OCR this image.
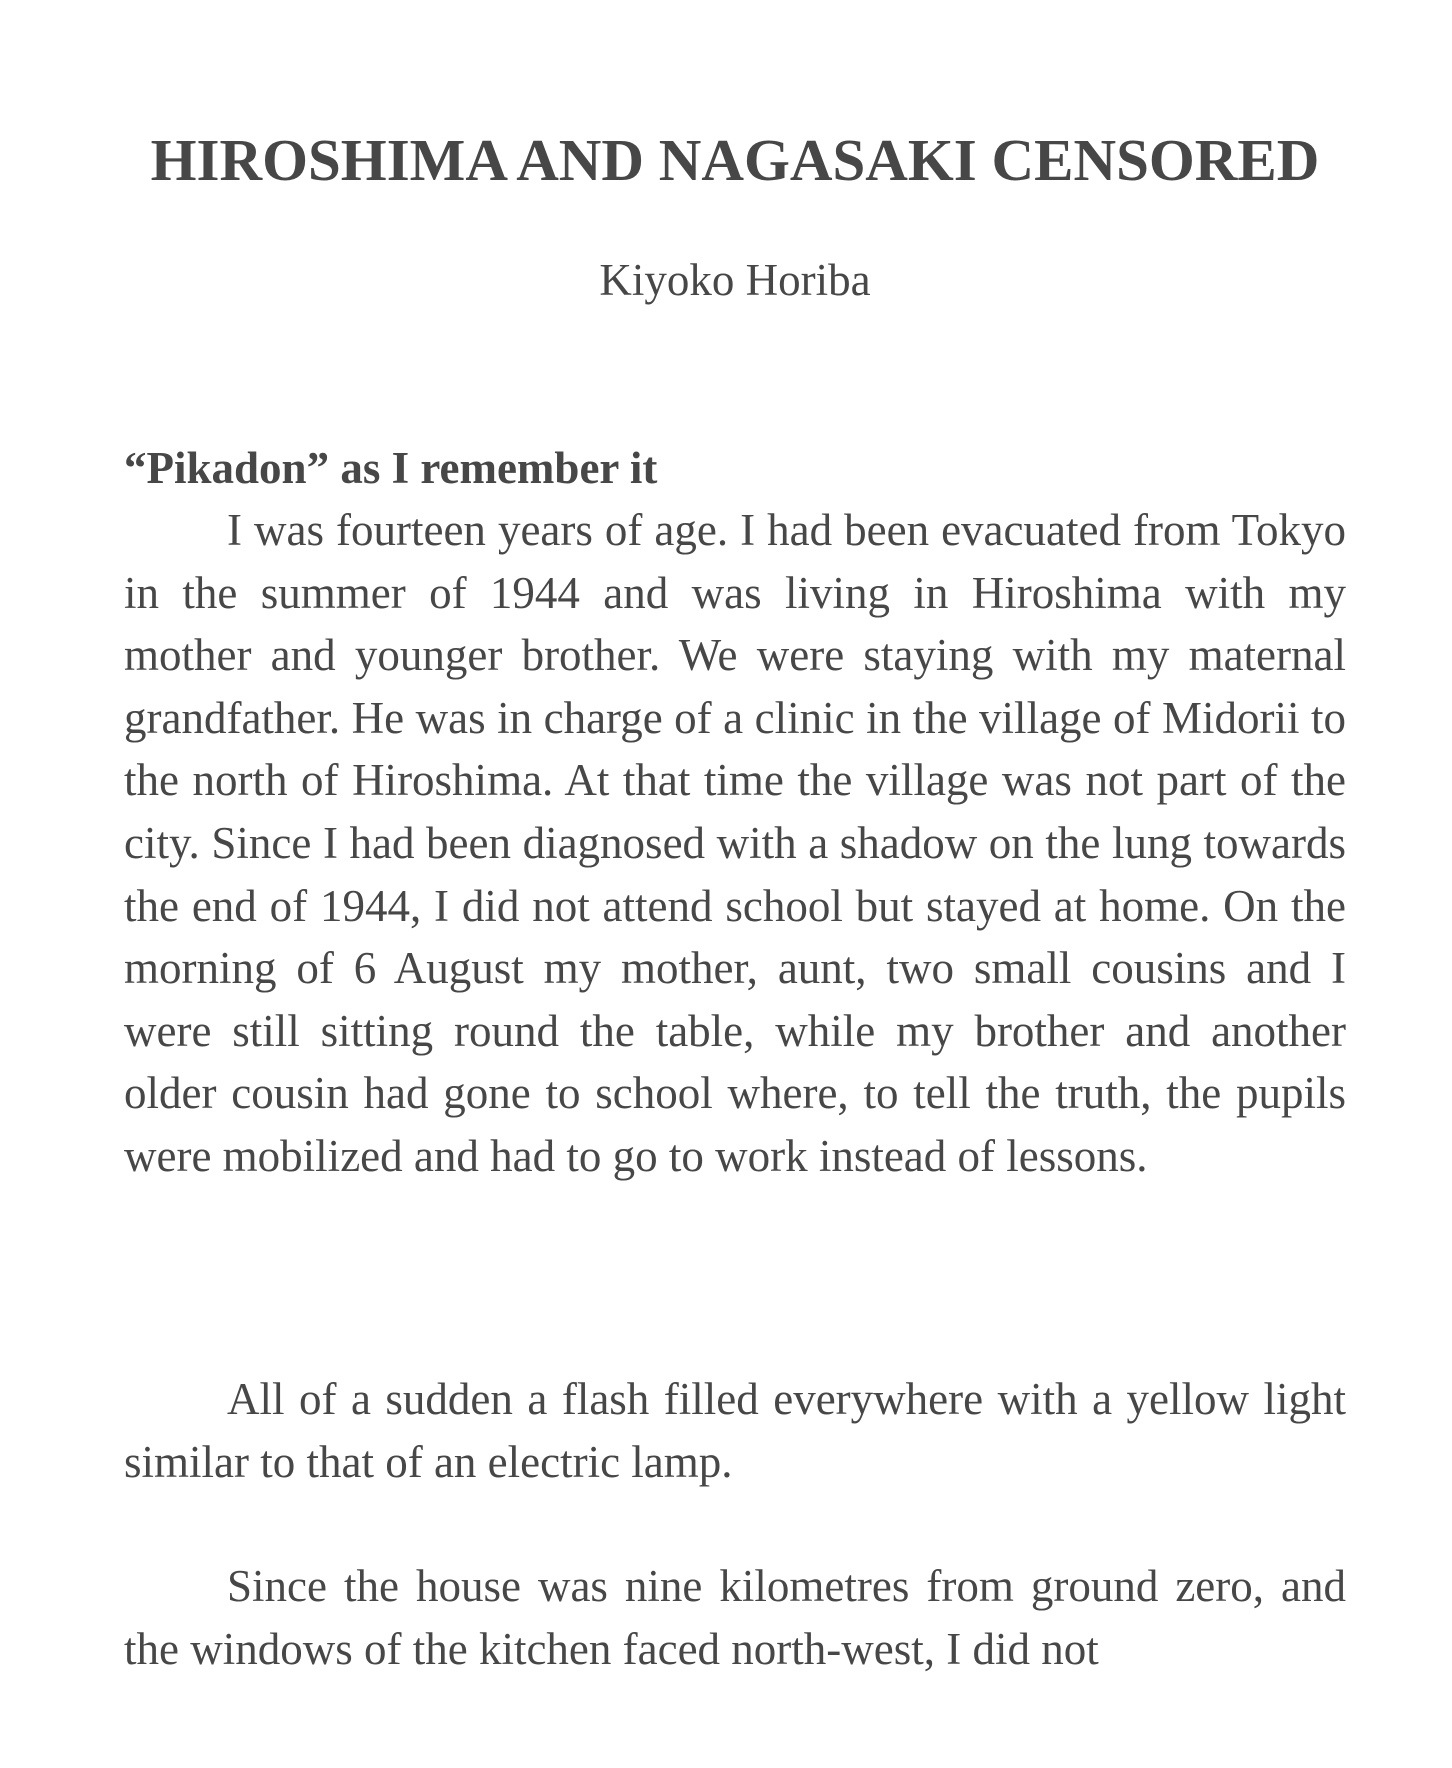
HIROSHIMA AND NAGASAKI CENSORED

Kiyoko Horiba

“Pikadon” as I remember it

I was fourteen years of age. I had been evacuated from Tokyo in the summer of 1944 and was living in Hiroshima with my mother and younger brother. We were staying with my maternal grandfather. He was in charge of a clinic in the village of Midorii to the north of Hiroshima. At that time the village was not part of the city. Since I had been diagnosed with a shadow on the lung towards the end of 1944, I did not attend school but stayed at home. On the morning of 6 August my mother, aunt, two small cousins and I were still sitting round the table, while my brother and another older cousin had gone to school where, to tell the truth, the pupils were mobilized and had to go to work instead of lessons.

All of a sudden a flash filled everywhere with a yellow light similar to that of an electric lamp.

Since the house was nine kilometres from ground zero, and the windows of the kitchen faced north-west, I did not
